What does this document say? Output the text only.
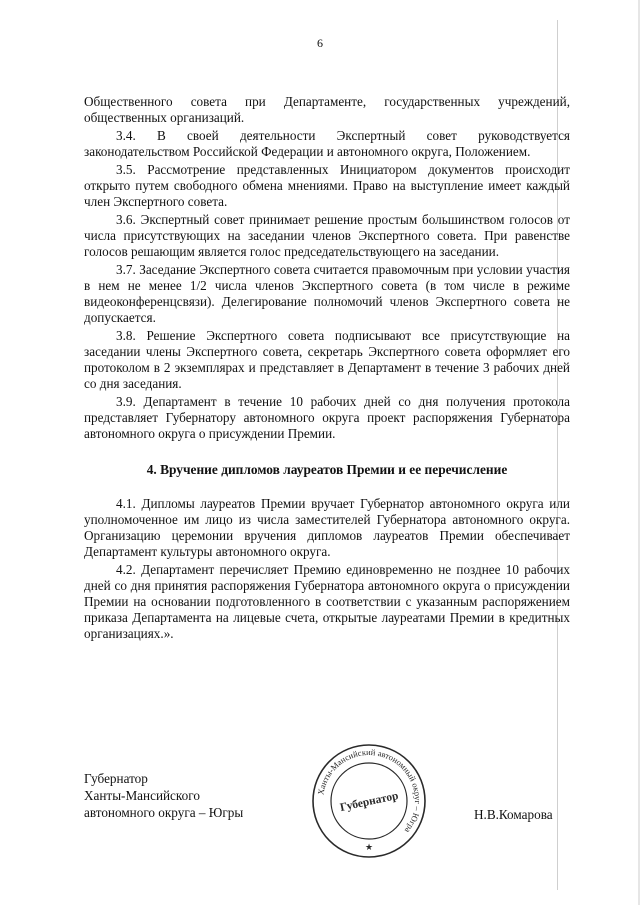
6

Общественного совета при Департаменте, государственных учреждений, общественных организаций.

3.4. В своей деятельности Экспертный совет руководствуется законодательством Российской Федерации и автономного округа, Положением.

3.5. Рассмотрение представленных Инициатором документов происходит открыто путем свободного обмена мнениями. Право на выступление имеет каждый член Экспертного совета.

3.6. Экспертный совет принимает решение простым большинством голосов от числа присутствующих на заседании членов Экспертного совета. При равенстве голосов решающим является голос председательствующего на заседании.

3.7. Заседание Экспертного совета считается правомочным при условии участия в нем не менее 1/2 числа членов Экспертного совета (в том числе в режиме видеоконференцсвязи). Делегирование полномочий членов Экспертного совета не допускается.

3.8. Решение Экспертного совета подписывают все присутствующие на заседании члены Экспертного совета, секретарь Экспертного совета оформляет его протоколом в 2 экземплярах и представляет в Департамент в течение 3 рабочих дней со дня заседания.

3.9. Департамент в течение 10 рабочих дней со дня получения протокола представляет Губернатору автономного округа проект распоряжения Губернатора автономного округа о присуждении Премии.

4. Вручение дипломов лауреатов Премии и ее перечисление

4.1. Дипломы лауреатов Премии вручает Губернатор автономного округа или уполномоченное им лицо из числа заместителей Губернатора автономного округа. Организацию церемонии вручения дипломов лауреатов Премии обеспечивает Департамент культуры автономного округа.

4.2. Департамент перечисляет Премию единовременно не позднее 10 рабочих дней со дня принятия распоряжения Губернатора автономного округа о присуждении Премии на основании подготовленного в соответствии с указанным распоряжением приказа Департамента на лицевые счета, открытые лауреатами Премии в кредитных организациях.».

Губернатор
Ханты-Мансийского
автономного округа – Югры
Ханты-Мансийский автономный округ – Югра
Губернатор
★
Н.В.Комарова
